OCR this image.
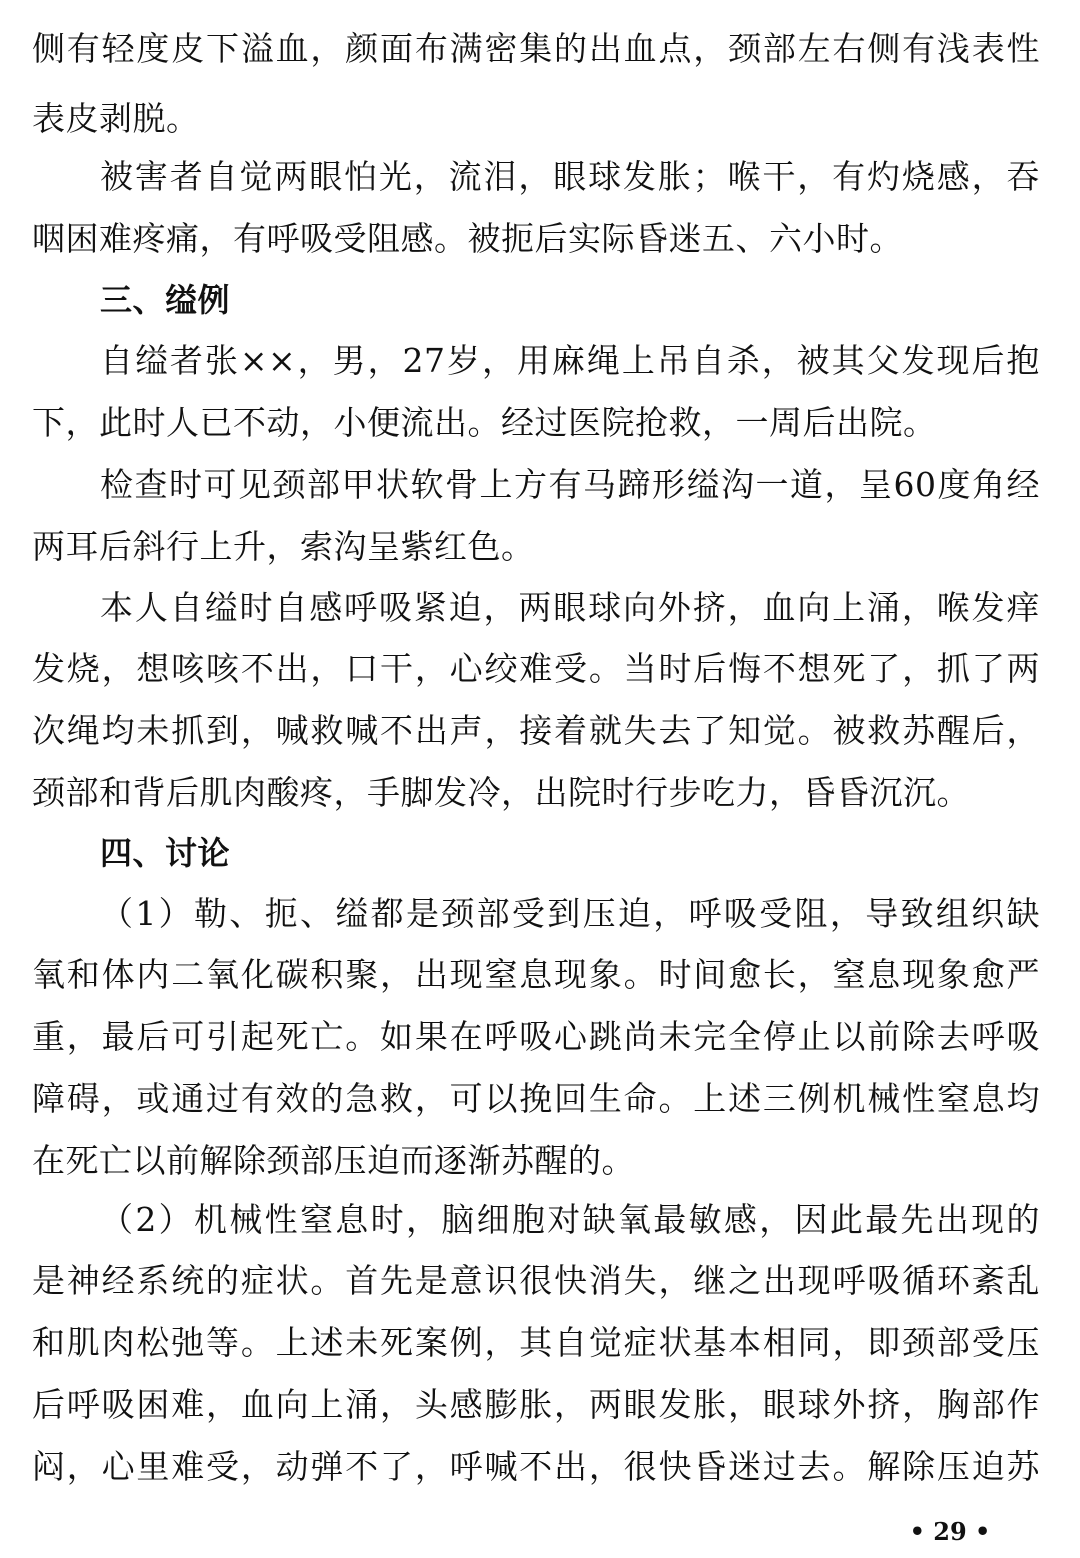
侧有轻度皮下溢血，颜面布满密集的出血点，颈部左右侧有浅表性
表皮剥脱。
被害者自觉两眼怕光，流泪，眼球发胀；喉干，有灼烧感，吞
咽困难疼痛，有呼吸受阻感。被扼后实际昏迷五、六小时。
三、缢例
自缢者张××，男，27岁，用麻绳上吊自杀，被其父发现后抱
下，此时人已不动，小便流出。经过医院抢救，一周后出院。
检查时可见颈部甲状软骨上方有马蹄形缢沟一道，呈60度角经
两耳后斜行上升，索沟呈紫红色。
本人自缢时自感呼吸紧迫，两眼球向外挤，血向上涌，喉发痒
发烧，想咳咳不出，口干，心绞难受。当时后悔不想死了，抓了两
次绳均未抓到，喊救喊不出声，接着就失去了知觉。被救苏醒后，
颈部和背后肌肉酸疼，手脚发冷，出院时行步吃力，昏昏沉沉。
四、讨论
（1）勒、扼、缢都是颈部受到压迫，呼吸受阻，导致组织缺
氧和体内二氧化碳积聚，出现窒息现象。时间愈长，窒息现象愈严
重，最后可引起死亡。如果在呼吸心跳尚未完全停止以前除去呼吸
障碍，或通过有效的急救，可以挽回生命。上述三例机械性窒息均
在死亡以前解除颈部压迫而逐渐苏醒的。
（2）机械性窒息时，脑细胞对缺氧最敏感，因此最先出现的
是神经系统的症状。首先是意识很快消失，继之出现呼吸循环紊乱
和肌肉松弛等。上述未死案例，其自觉症状基本相同，即颈部受压
后呼吸困难，血向上涌，头感膨胀，两眼发胀，眼球外挤，胸部作
闷，心里难受，动弹不了，呼喊不出，很快昏迷过去。解除压迫苏
• 29 •
